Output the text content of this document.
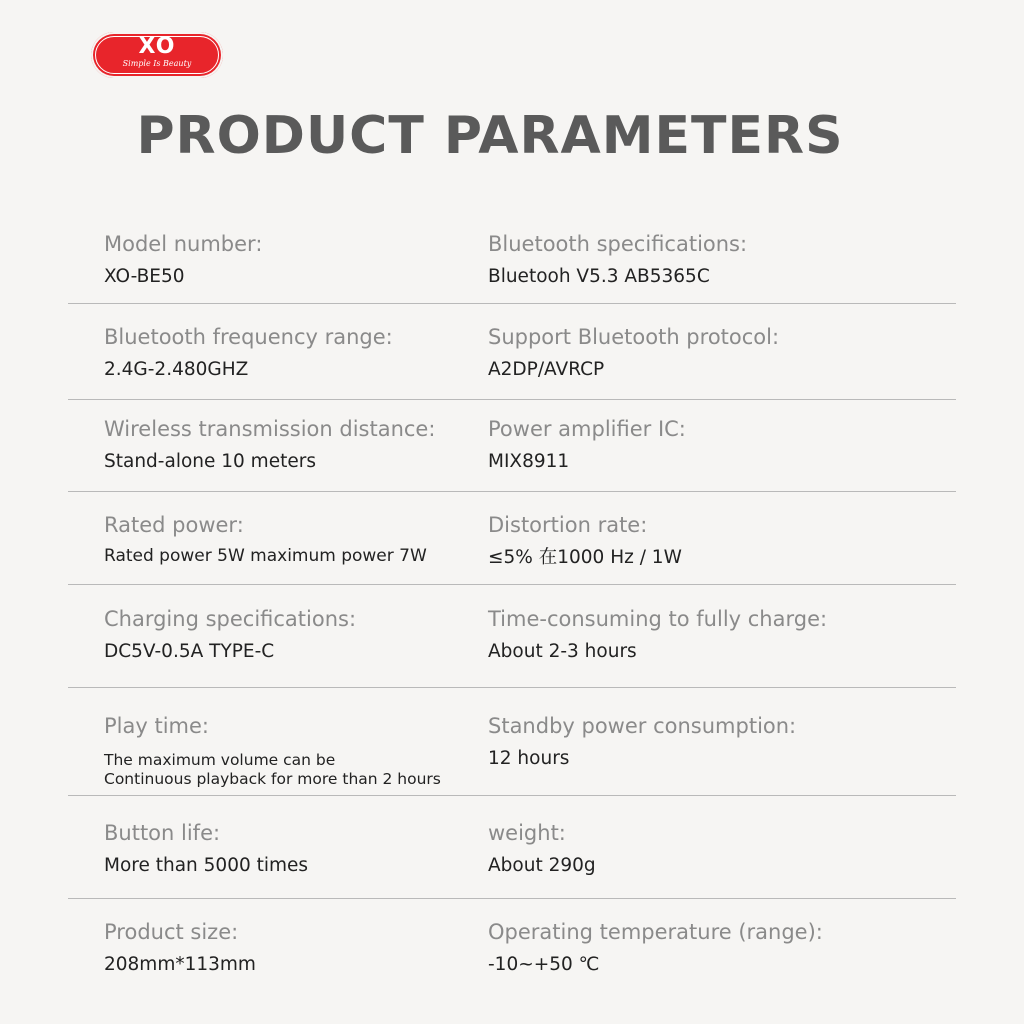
XO
Simple Is Beauty
PRODUCT PARAMETERS
Model number:
XO-BE50
Bluetooth specifications:
Bluetooh V5.3 AB5365C
Bluetooth frequency range:
2.4G-2.480GHZ
Support Bluetooth protocol:
A2DP/AVRCP
Wireless transmission distance:
Stand-alone 10 meters
Power amplifier IC:
MIX8911
Rated power:
Rated power 5W maximum power 7W
Distortion rate:
≤5% 在1000 Hz / 1W
Charging specifications:
DC5V-0.5A TYPE-C
Time-consuming to fully charge:
About 2-3 hours
Play time:
The maximum volume can be
Continuous playback for more than 2 hours
Standby power consumption:
12 hours
Button life:
More than 5000 times
weight:
About 290g
Product size:
208mm*113mm
Operating temperature (range):
-10~+50 ℃
